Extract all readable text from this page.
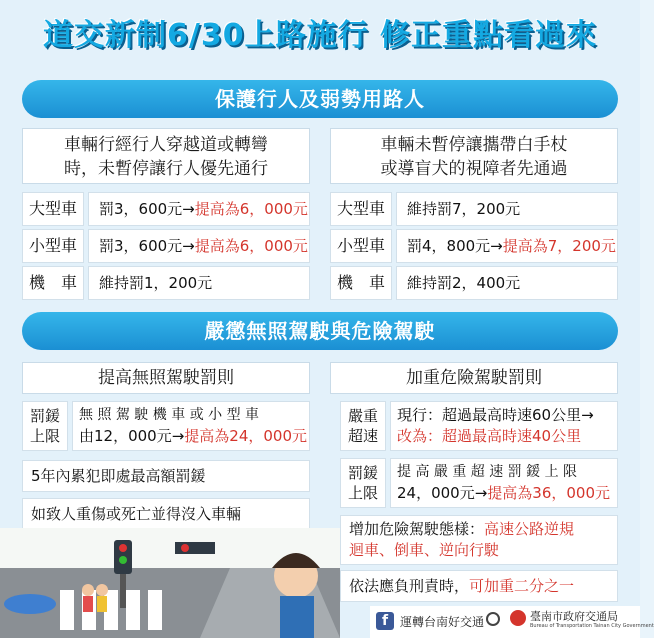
道交新制6/30上路施行 修正重點看過來
保護行人及弱勢用路人
車輛行經行人穿越道或轉彎
時，未暫停讓行人優先通行
車輛未暫停讓攜帶白手杖
或導盲犬的視障者先通過
大型車	罰3，600元→提高為6，000元
小型車	罰3，600元→提高為6，000元
機　車	維持罰1，200元
大型車	維持罰7，200元
小型車	罰4，800元→提高為7，200元
機　車	維持罰2，400元
嚴懲無照駕駛與危險駕駛
提高無照駕駛罰則	加重危險駕駛罰則
罰鍰
上限
無 照 駕 駛 機 車 或 小 型 車
由12，000元→提高為24，000元
5年內累犯即處最高額罰鍰
如致人重傷或死亡並得沒入車輛
嚴重
超速
現行：超過最高時速60公里→
改為：超過最高時速40公里
罰鍰
上限
提 高 嚴 重 超 速 罰 鍰 上 限
24，000元→提高為36，000元
增加危險駕駛態樣：高速公路逆規
迴車、倒車、逆向行駛
依法應負刑責時，可加重二分之一
f 運轉台南好交通	臺南市政府交通局
Bureau of Transportation Tainan City Government
